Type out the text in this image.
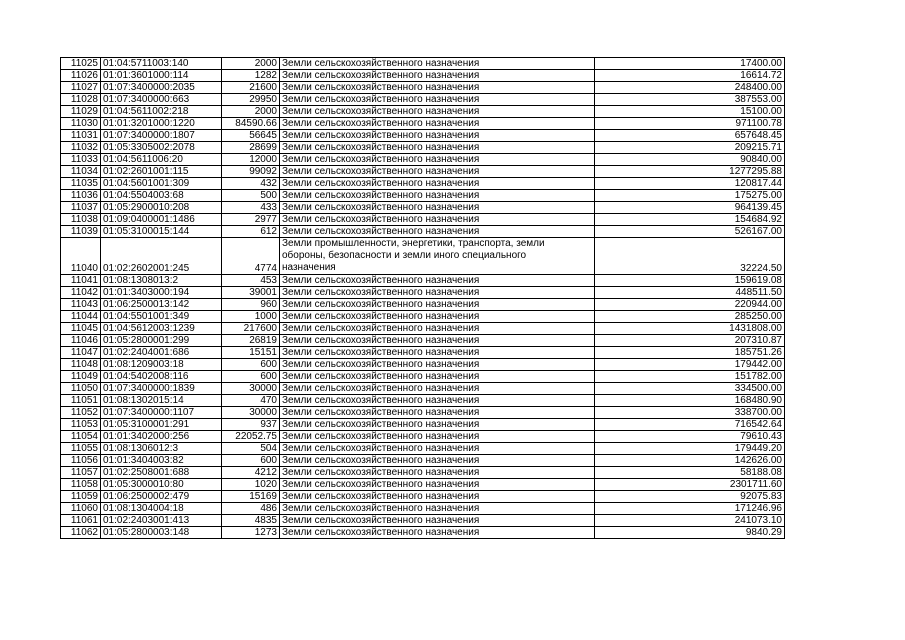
11025	01:04:5711003:140	2000	Земли сельскохозяйственного назначения	17400.00
11026	01:01:3601000:114	1282	Земли сельскохозяйственного назначения	16614.72
11027	01:07:3400000:2035	21600	Земли сельскохозяйственного назначения	248400.00
11028	01:07:3400000:663	29950	Земли сельскохозяйственного назначения	387553.00
11029	01:04:5611002:218	2000	Земли сельскохозяйственного назначения	15100.00
11030	01:01:3201000:1220	84590.66	Земли сельскохозяйственного назначения	971100.78
11031	01:07:3400000:1807	56645	Земли сельскохозяйственного назначения	657648.45
11032	01:05:3305002:2078	28699	Земли сельскохозяйственного назначения	209215.71
11033	01:04:5611006:20	12000	Земли сельскохозяйственного назначения	90840.00
11034	01:02:2601001:115	99092	Земли сельскохозяйственного назначения	1277295.88
11035	01:04:5601001:309	432	Земли сельскохозяйственного назначения	120817.44
11036	01:04:5504003:68	500	Земли сельскохозяйственного назначения	175275.00
11037	01:05:2900010:208	433	Земли сельскохозяйственного назначения	964139.45
11038	01:09:0400001:1486	2977	Земли сельскохозяйственного назначения	154684.92
11039	01:05:3100015:144	612	Земли сельскохозяйственного назначения	526167.00
11040	01:02:2602001:245	4774	Земли промышленности, энергетики, транспорта, земли
обороны, безопасности и земли иного специального
назначения	32224.50
11041	01:08:1308013:2	453	Земли сельскохозяйственного назначения	159619.08
11042	01:01:3403000:194	39001	Земли сельскохозяйственного назначения	448511.50
11043	01:06:2500013:142	960	Земли сельскохозяйственного назначения	220944.00
11044	01:04:5501001:349	1000	Земли сельскохозяйственного назначения	285250.00
11045	01:04:5612003:1239	217600	Земли сельскохозяйственного назначения	1431808.00
11046	01:05:2800001:299	26819	Земли сельскохозяйственного назначения	207310.87
11047	01:02:2404001:686	15151	Земли сельскохозяйственного назначения	185751.26
11048	01:08:1209003:18	600	Земли сельскохозяйственного назначения	179442.00
11049	01:04:5402008:116	600	Земли сельскохозяйственного назначения	151782.00
11050	01:07:3400000:1839	30000	Земли сельскохозяйственного назначения	334500.00
11051	01:08:1302015:14	470	Земли сельскохозяйственного назначения	168480.90
11052	01:07:3400000:1107	30000	Земли сельскохозяйственного назначения	338700.00
11053	01:05:3100001:291	937	Земли сельскохозяйственного назначения	716542.64
11054	01:01:3402000:256	22052.75	Земли сельскохозяйственного назначения	79610.43
11055	01:08:1306012:3	504	Земли сельскохозяйственного назначения	179449.20
11056	01:01:3404003:82	600	Земли сельскохозяйственного назначения	142626.00
11057	01:02:2508001:688	4212	Земли сельскохозяйственного назначения	58188.08
11058	01:05:3000010:80	1020	Земли сельскохозяйственного назначения	2301711.60
11059	01:06:2500002:479	15169	Земли сельскохозяйственного назначения	92075.83
11060	01:08:1304004:18	486	Земли сельскохозяйственного назначения	171246.96
11061	01:02:2403001:413	4835	Земли сельскохозяйственного назначения	241073.10
11062	01:05:2800003:148	1273	Земли сельскохозяйственного назначения	9840.29
